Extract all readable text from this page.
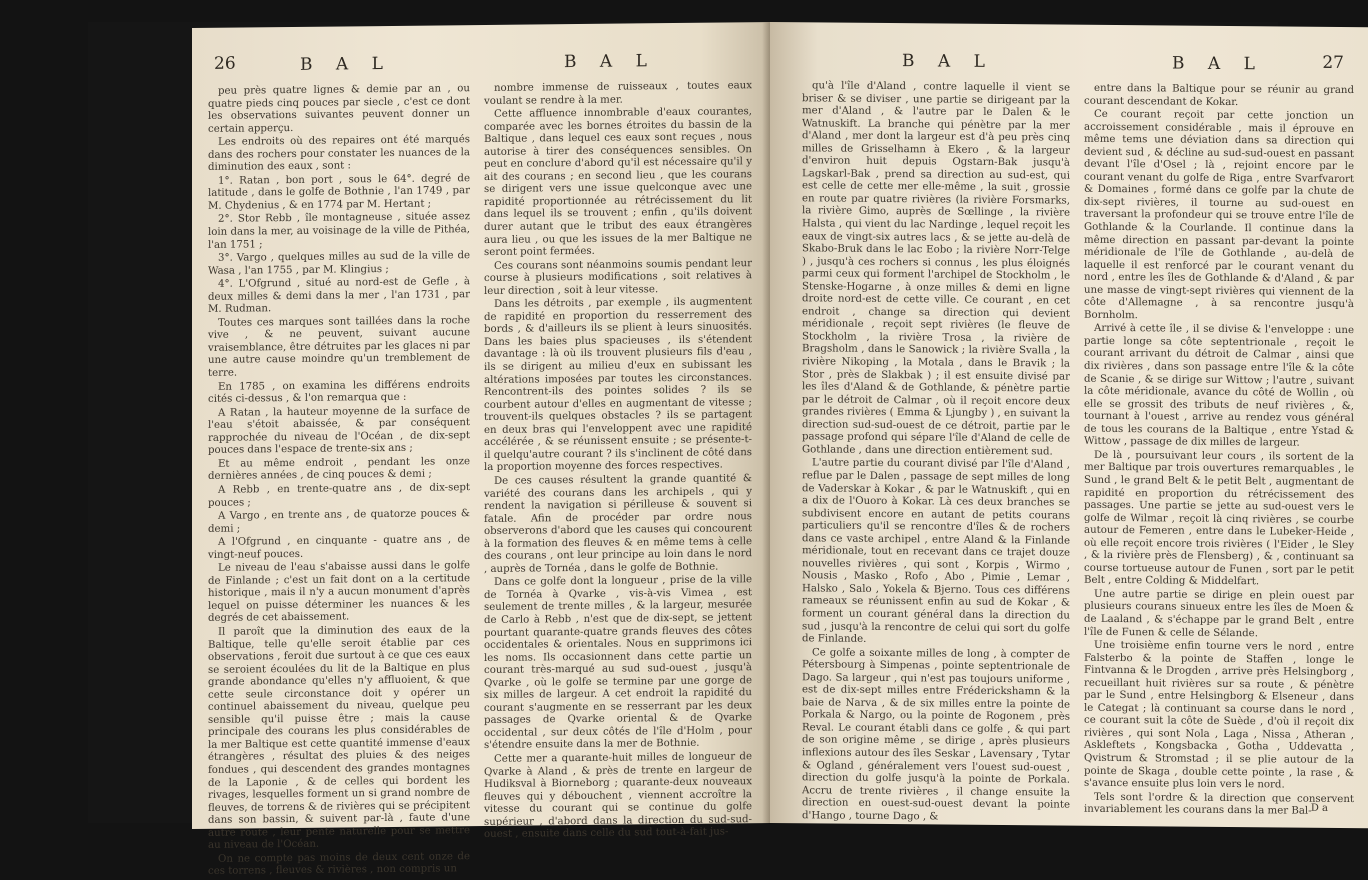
26	B A L	B A L

peu près quatre lignes & demie par an , ou quatre pieds cinq pouces par siecle , c'est ce dont les observations suivantes peuvent donner un certain apperçu.

Les endroits où des repaires ont été marqués dans des rochers pour constater les nuances de la diminution des eaux , sont :

1°. Ratan , bon port , sous le 64°. degré de latitude , dans le golfe de Bothnie , l'an 1749 , par M. Chydenius , & en 1774 par M. Hertant ;

2°. Stor Rebb , île montagneuse , située assez loin dans la mer, au voisinage de la ville de Pithéa, l'an 1751 ;

3°. Vargo , quelques milles au sud de la ville de Wasa , l'an 1755 , par M. Klingius ;

4°. L'Ofgrund , situé au nord-est de Gefle , à deux milles & demi dans la mer , l'an 1731 , par M. Rudman.

Toutes ces marques sont taillées dans la roche vive , & ne peuvent, suivant aucune vraisemblance, être détruites par les glaces ni par une autre cause moindre qu'un tremblement de terre.

En 1785 , on examina les différens endroits cités ci-dessus , & l'on remarqua que :

A Ratan , la hauteur moyenne de la surface de l'eau s'étoit abaissée, & par conséquent rapprochée du niveau de l'Océan , de dix-sept pouces dans l'espace de trente-six ans ;

Et au même endroit , pendant les onze dernières années , de cinq pouces & demi ;

A Rebb , en trente-quatre ans , de dix-sept pouces ;

A Vargo , en trente ans , de quatorze pouces & demi ;

A l'Ofgrund , en cinquante - quatre ans , de vingt-neuf pouces.

Le niveau de l'eau s'abaisse aussi dans le golfe de Finlande ; c'est un fait dont on a la certitude historique , mais il n'y a aucun monument d'après lequel on puisse déterminer les nuances & les degrés de cet abaissement.

Il paroît que la diminution des eaux de la Baltique, telle qu'elle seroit établie par ces observations , feroit due surtout à ce que ces eaux se seroient écoulées du lit de la Baltique en plus grande abondance qu'elles n'y affluoient, & que cette seule circonstance doit y opérer un continuel abaissement du niveau, quelque peu sensible qu'il puisse être ; mais la cause principale des courans les plus considérables de la mer Baltique est cette quantité immense d'eaux étrangères , résultat des pluies & des neiges fondues , qui descendent des grandes montagnes de la Laponie , & de celles qui bordent les rivages, lesquelles forment un si grand nombre de fleuves, de torrens & de rivières qui se précipitent dans son bassin, & suivent par-là , faute d'une autre route , leur pente naturelle pour se mettre au niveau de l'Océan.

On ne compte pas moins de deux cent onze de ces torrens , fleuves & rivières , non compris un

nombre immense de ruisseaux , toutes eaux voulant se rendre à la mer.

Cette affluence innombrable d'eaux courantes, comparée avec les bornes étroites du bassin de la Baltique , dans lequel ces eaux sont reçues , nous autorise à tirer des conséquences sensibles. On peut en conclure d'abord qu'il est nécessaire qu'il y ait des courans ; en second lieu , que les courans se dirigent vers une issue quelconque avec une rapidité proportionnée au rétrécissement du lit dans lequel ils se trouvent ; enfin , qu'ils doivent durer autant que le tribut des eaux étrangères aura lieu , ou que les issues de la mer Baltique ne seront point fermées.

Ces courans sont néanmoins soumis pendant leur course à plusieurs modifications , soit relatives à leur direction , soit à leur vitesse.

Dans les détroits , par exemple , ils augmentent de rapidité en proportion du resserrement des bords , & d'ailleurs ils se plient à leurs sinuosités. Dans les baies plus spacieuses , ils s'étendent davantage : là où ils trouvent plusieurs fils d'eau , ils se dirigent au milieu d'eux en subissant les altérations imposées par toutes les circonstances. Rencontrent-ils des pointes solides ? ils se courbent autour d'elles en augmentant de vitesse ; trouvent-ils quelques obstacles ? ils se partagent en deux bras qui l'enveloppent avec une rapidité accélérée , & se réunissent ensuite ; se présente-t-il quelqu'autre courant ? ils s'inclinent de côté dans la proportion moyenne des forces respectives.

De ces causes résultent la grande quantité & variété des courans dans les archipels , qui y rendent la navigation si périlleuse & souvent si fatale. Afin de procéder par ordre nous observerons d'abord que les causes qui concourent à la formation des fleuves & en même tems à celle des courans , ont leur principe au loin dans le nord , auprès de Tornéa , dans le golfe de Bothnie.

Dans ce golfe dont la longueur , prise de la ville de Tornéa à Qvarke , vis-à-vis Vimea , est seulement de trente milles , & la largeur, mesurée de Carlo à Rebb , n'est que de dix-sept, se jettent pourtant quarante-quatre grands fleuves des côtes occidentales & orientales. Nous en supprimons ici les noms. Ils occasionnent dans cette partie un courant très-marqué au sud sud-ouest , jusqu'à Qvarke , où le golfe se termine par une gorge de six milles de largeur. A cet endroit la rapidité du courant s'augmente en se resserrant par les deux passages de Qvarke oriental & de Qvarke occidental , sur deux côtés de l'île d'Holm , pour s'étendre ensuite dans la mer de Bothnie.

Cette mer a quarante-huit milles de longueur de Qvarke à Aland , & près de trente en largeur de Hudiksval à Biorneborg ; quarante-deux nouveaux fleuves qui y débouchent , viennent accroître la vitesse du courant qui se continue du golfe supérieur , d'abord dans la direction du sud-sud-ouest , ensuite dans celle du sud tout-à-fait jus-

B A L	B A L	27

qu'à l'île d'Aland , contre laquelle il vient se briser & se diviser , une partie se dirigeant par la mer d'Aland , & l'autre par le Dalen & le Watnuskift. La branche qui pénètre par la mer d'Aland , mer dont la largeur est d'à peu près cinq milles de Grisselhamn à Ekero , & la largeur d'environ huit depuis Ogstarn-Bak jusqu'à Lagskarl-Bak , prend sa direction au sud-est, qui est celle de cette mer elle-même , la suit , grossie en route par quatre rivières (la rivière Forsmarks, la rivière Gimo, auprès de Sœllinge , la rivière Halsta , qui vient du lac Nardinge , lequel reçoit les eaux de vingt-six autres lacs , & se jette au-delà de Skabo-Bruk dans le lac Eobo ; la rivière Norr-Telge ) , jusqu'à ces rochers si connus , les plus éloignés parmi ceux qui forment l'archipel de Stockholm , le Stenske-Hogarne , à onze milles & demi en ligne droite nord-est de cette ville. Ce courant , en cet endroit , change sa direction qui devient méridionale , reçoit sept rivières (le fleuve de Stockholm , la rivière Trosa , la rivière de Bragsholm , dans le Sanowick ; la rivière Svalla , la rivière Nikoping , la Motala , dans le Bravik ; la Stor , près de Slakbak ) ; il est ensuite divisé par les îles d'Aland & de Gothlande, & pénètre partie par le détroit de Calmar , où il reçoit encore deux grandes rivières ( Emma & Ljungby ) , en suivant la direction sud-sud-ouest de ce détroit, partie par le passage profond qui sépare l'île d'Aland de celle de Gothlande , dans une direction entièrement sud.

L'autre partie du courant divisé par l'île d'Aland , reflue par le Dalen , passage de sept milles de long de Vaderskar à Kokar , & par le Watnuskift , qui en a dix de l'Ouoro à Kokar. Là ces deux branches se subdivisent encore en autant de petits courans particuliers qu'il se rencontre d'îles & de rochers dans ce vaste archipel , entre Aland & la Finlande méridionale, tout en recevant dans ce trajet douze nouvelles rivières , qui sont , Korpis , Wirmo , Nousis , Masko , Rofo , Abo , Pimie , Lemar , Halsko , Salo , Yokela & Bjerno. Tous ces différens rameaux se réunissent enfin au sud de Kokar , & forment un courant général dans la direction du sud , jusqu'à la rencontre de celui qui sort du golfe de Finlande.

Ce golfe a soixante milles de long , à compter de Pétersbourg à Simpenas , pointe septentrionale de Dago. Sa largeur , qui n'est pas toujours uniforme , est de dix-sept milles entre Fréderickshamn & la baie de Narva , & de six milles entre la pointe de Porkala & Nargo, ou la pointe de Rogonem , près Reval. Le courant établi dans ce golfe , & qui part de son origine même , se dirige , après plusieurs inflexions autour des îles Seskar , Lavensary , Tytar & Ogland , généralement vers l'ouest sud-ouest , direction du golfe jusqu'à la pointe de Porkala. Accru de trente rivières , il change ensuite la direction en ouest-sud-ouest devant la pointe d'Hango , tourne Dago , &

entre dans la Baltique pour se réunir au grand courant descendant de Kokar.

Ce courant reçoit par cette jonction un accroissement considérable , mais il éprouve en même tems une déviation dans sa direction qui devient sud , & décline au sud-sud-ouest en passant devant l'île d'Osel ; là , rejoint encore par le courant venant du golfe de Riga , entre Svarfvarort & Domaines , formé dans ce golfe par la chute de dix-sept rivières, il tourne au sud-ouest en traversant la profondeur qui se trouve entre l'île de Gothlande & la Courlande. Il continue dans la même direction en passant par-devant la pointe méridionale de l'île de Gothlande , au-delà de laquelle il est renforcé par le courant venant du nord , entre les îles de Gothlande & d'Aland , & par une masse de vingt-sept rivières qui viennent de la côte d'Allemagne , à sa rencontre jusqu'à Bornholm.

Arrivé à cette île , il se divise & l'enveloppe : une partie longe sa côte septentrionale , reçoit le courant arrivant du détroit de Calmar , ainsi que dix rivières , dans son passage entre l'île & la côte de Scanie , & se dirige sur Wittow ; l'autre , suivant la côte méridionale, avance du côté de Wollin , où elle se grossit des tributs de neuf rivières , &, tournant à l'ouest , arrive au rendez vous général de tous les courans de la Baltique , entre Ystad & Wittow , passage de dix milles de largeur.

De là , poursuivant leur cours , ils sortent de la mer Baltique par trois ouvertures remarquables , le Sund , le grand Belt & le petit Belt , augmentant de rapidité en proportion du rétrécissement des passages. Une partie se jette au sud-ouest vers le golfe de Wilmar , reçoit là cinq rivières , se courbe autour de Femeren , entre dans le Lubeker-Heide , où elle reçoit encore trois rivières ( l'Eider , le Sley , & la rivière près de Flensberg) , & , continuant sa course tortueuse autour de Funen , sort par le petit Belt , entre Colding & Middelfart.

Une autre partie se dirige en plein ouest par plusieurs courans sinueux entre les îles de Moen & de Laaland , & s'échappe par le grand Belt , entre l'île de Funen & celle de Sélande.

Une troisième enfin tourne vers le nord , entre Falsterbo & la pointe de Staffen , longe le Fintvanna & le Drogden , arrive près Helsingborg , recueillant huit rivières sur sa route , & pénètre par le Sund , entre Helsingborg & Elseneur , dans le Categat ; là continuant sa course dans le nord , ce courant suit la côte de Suède , d'où il reçoit dix rivières , qui sont Nola , Laga , Nissa , Atheran , Askleftets , Kongsbacka , Gotha , Uddevatta , Qvistrum & Stromstad ; il se plie autour de la pointe de Skaga , double cette pointe , la rase , & s'avance ensuite plus loin vers le nord.

Tels sont l'ordre & la direction que conservent invariablement les courans dans la mer Bal- D a
